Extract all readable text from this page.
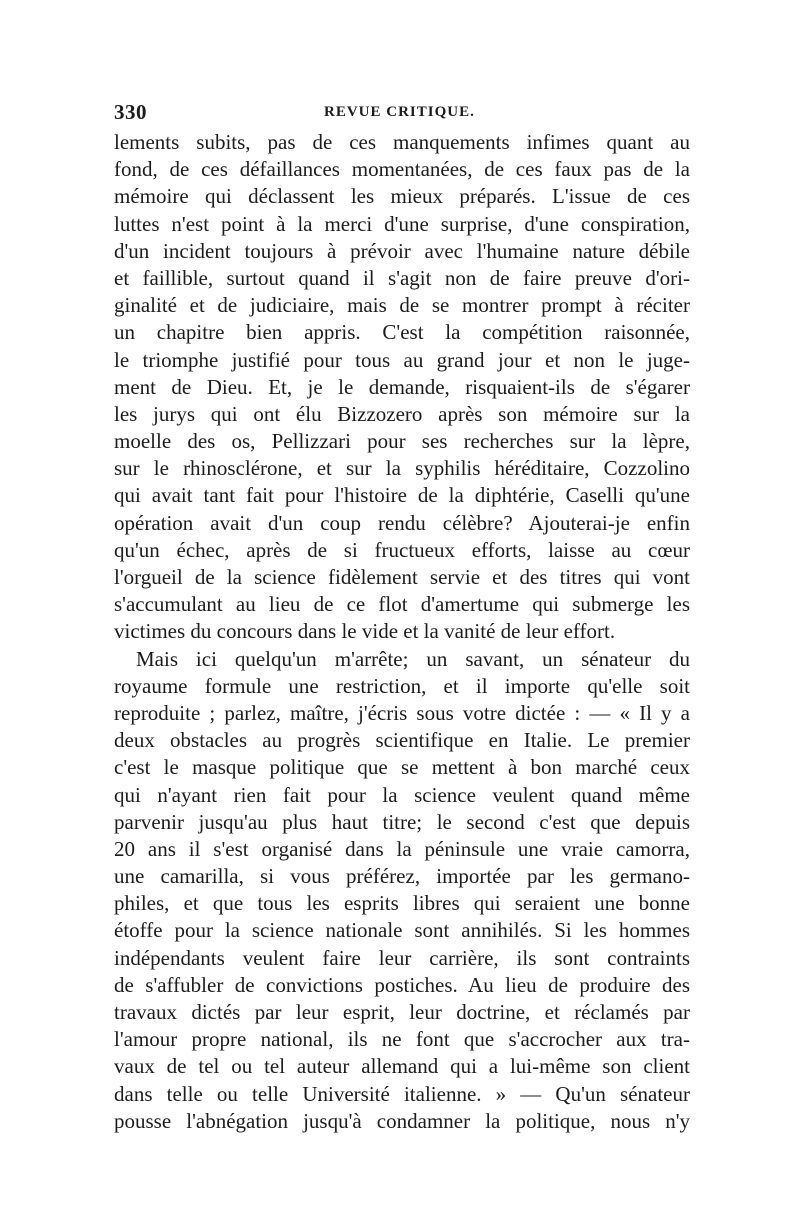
330	REVUE CRITIQUE.
lements subits, pas de ces manquements infimes quant au
fond, de ces défaillances momentanées, de ces faux pas de la
mémoire qui déclassent les mieux préparés. L'issue de ces
luttes n'est point à la merci d'une surprise, d'une conspiration,
d'un incident toujours à prévoir avec l'humaine nature débile
et faillible, surtout quand il s'agit non de faire preuve d'ori-
ginalité et de judiciaire, mais de se montrer prompt à réciter
un chapitre bien appris. C'est la compétition raisonnée,
le triomphe justifié pour tous au grand jour et non le juge-
ment de Dieu. Et, je le demande, risquaient-ils de s'égarer
les jurys qui ont élu Bizzozero après son mémoire sur la
moelle des os, Pellizzari pour ses recherches sur la lèpre,
sur le rhinosclérone, et sur la syphilis héréditaire, Cozzolino
qui avait tant fait pour l'histoire de la diphtérie, Caselli qu'une
opération avait d'un coup rendu célèbre? Ajouterai-je enfin
qu'un échec, après de si fructueux efforts, laisse au cœur
l'orgueil de la science fidèlement servie et des titres qui vont
s'accumulant au lieu de ce flot d'amertume qui submerge les
victimes du concours dans le vide et la vanité de leur effort.
Mais ici quelqu'un m'arrête; un savant, un sénateur du
royaume formule une restriction, et il importe qu'elle soit
reproduite ; parlez, maître, j'écris sous votre dictée : — « Il y a
deux obstacles au progrès scientifique en Italie. Le premier
c'est le masque politique que se mettent à bon marché ceux
qui n'ayant rien fait pour la science veulent quand même
parvenir jusqu'au plus haut titre; le second c'est que depuis
20 ans il s'est organisé dans la péninsule une vraie camorra,
une camarilla, si vous préférez, importée par les germano-
philes, et que tous les esprits libres qui seraient une bonne
étoffe pour la science nationale sont annihilés. Si les hommes
indépendants veulent faire leur carrière, ils sont contraints
de s'affubler de convictions postiches. Au lieu de produire des
travaux dictés par leur esprit, leur doctrine, et réclamés par
l'amour propre national, ils ne font que s'accrocher aux tra-
vaux de tel ou tel auteur allemand qui a lui-même son client
dans telle ou telle Université italienne. » — Qu'un sénateur
pousse l'abnégation jusqu'à condamner la politique, nous n'y
